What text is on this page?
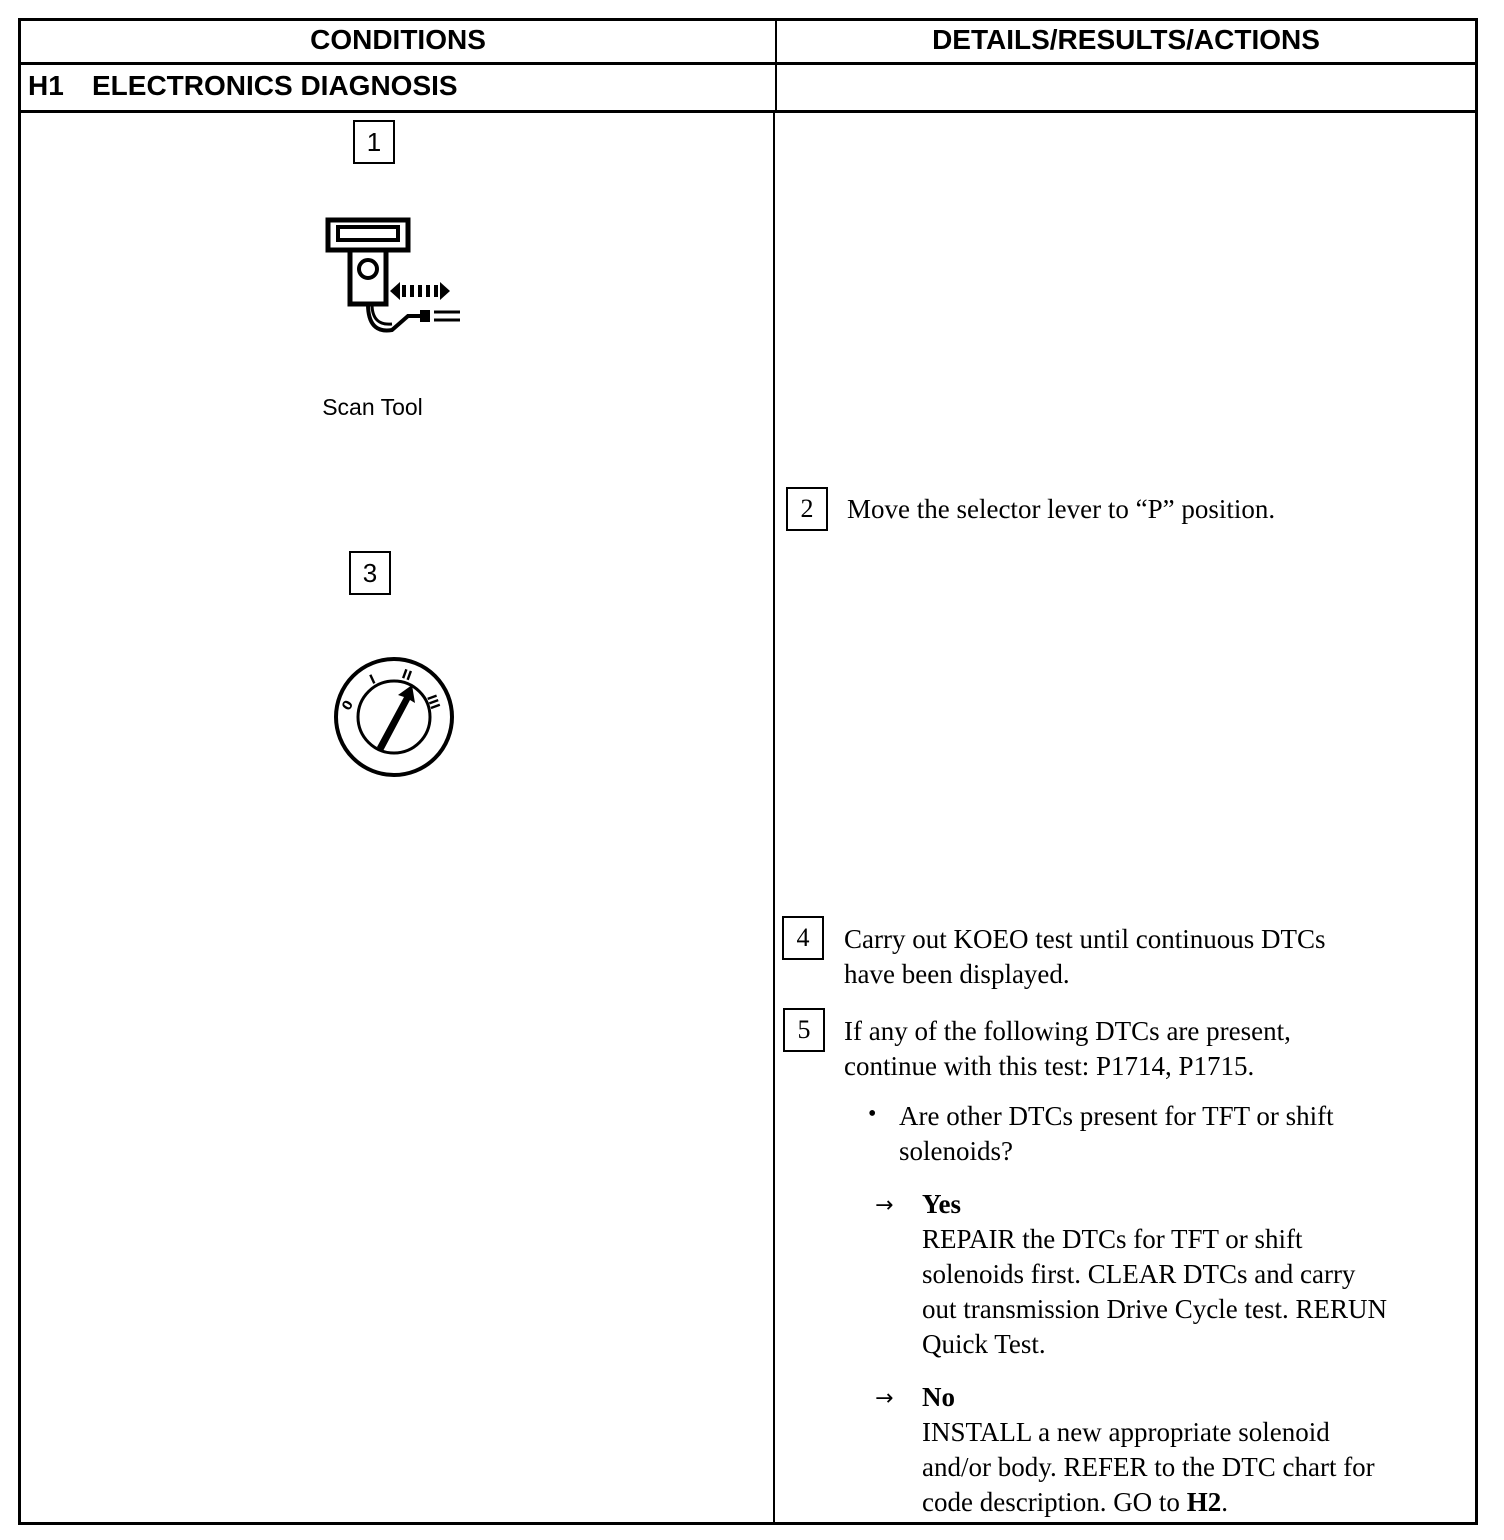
CONDITIONS	DETAILS/RESULTS/ACTIONS
H1 ELECTRONICS DIAGNOSIS
1
Scan Tool
3
0
I II
III
2	Move the selector lever to “P” position.
4	Carry out KOEO test until continuous DTCs
have been displayed.
5	If any of the following DTCs are present,
continue with this test: P1714, P1715.
• Are other DTCs present for TFT or shift
solenoids?
→ Yes
REPAIR the DTCs for TFT or shift
solenoids first. CLEAR DTCs and carry
out transmission Drive Cycle test. RERUN
Quick Test.
→ No
INSTALL a new appropriate solenoid
and/or body. REFER to the DTC chart for
code description. GO to H2.
